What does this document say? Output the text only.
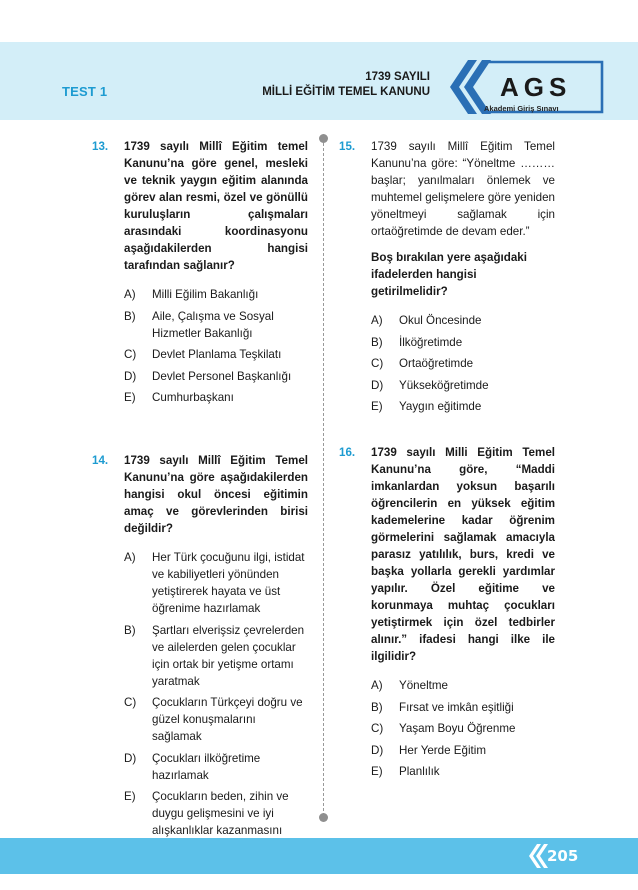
TEST 1
1739 SAYILI
MİLLİ EĞİTİM TEMEL KANUNU	AGS
Akademi Giriş Sınavı
13. 1739 sayılı Millî Eğitim temel Kanunu’na göre genel, mesleki ve teknik yaygın eğitim alanında görev alan resmi, özel ve gönüllü kuruluşların çalışmaları arasındaki koordinasyonu aşağıdakilerden hangisi tarafından sağlanır?
A) Milli Eğilim Bakanlığı
B) Aile, Çalışma ve Sosyal Hizmetler Bakanlığı
C) Devlet Planlama Teşkilatı
D) Devlet Personel Başkanlığı
E) Cumhurbaşkanı
14. 1739 sayılı Millî Eğitim Temel Kanunu’na göre aşağıdakilerden hangisi okul öncesi eğitimin amaç ve görevlerinden birisi değildir?
A) Her Türk çocuğunu ilgi, istidat ve kabiliyetleri yönünden yetiştirerek hayata ve üst öğrenime hazırlamak
B) Şartları elverişsiz çevrelerden ve ailelerden gelen çocuklar için ortak bir yetişme ortamı yaratmak
C) Çocukların Türkçeyi doğru ve güzel konuşmalarını sağlamak
D) Çocukları ilköğretime hazırlamak
E) Çocukların beden, zihin ve duygu gelişmesini ve iyi alışkanlıklar kazanmasını
15. 1739 sayılı Millî Eğitim Temel Kanunu’na göre: “Yöneltme ……… başlar; yanılmaları önlemek ve muhtemel gelişmelere göre yeniden yöneltmeyi sağlamak için ortaöğretimde de devam eder.”
Boş bırakılan yere aşağıdaki ifadelerden hangisi getirilmelidir?
A) Okul Öncesinde
B) İlköğretimde
C) Ortaöğretimde
D) Yükseköğretimde
E) Yaygın eğitimde
16. 1739 sayılı Milli Eğitim Temel Kanunu’na göre, “Maddi imkanlardan yoksun başarılı öğrencilerin en yüksek eğitim kademelerine kadar öğrenim görmelerini sağlamak amacıyla parasız yatılılık, burs, kredi ve başka yollarla gerekli yardımlar yapılır. Özel eğitime ve korunmaya muhtaç çocukları yetiştirmek için özel tedbirler alınır.” ifadesi hangi ilke ile ilgilidir?
A) Yöneltme
B) Fırsat ve imkân eşitliği
C) Yaşam Boyu Öğrenme
D) Her Yerde Eğitim
E) Planlılık
205
